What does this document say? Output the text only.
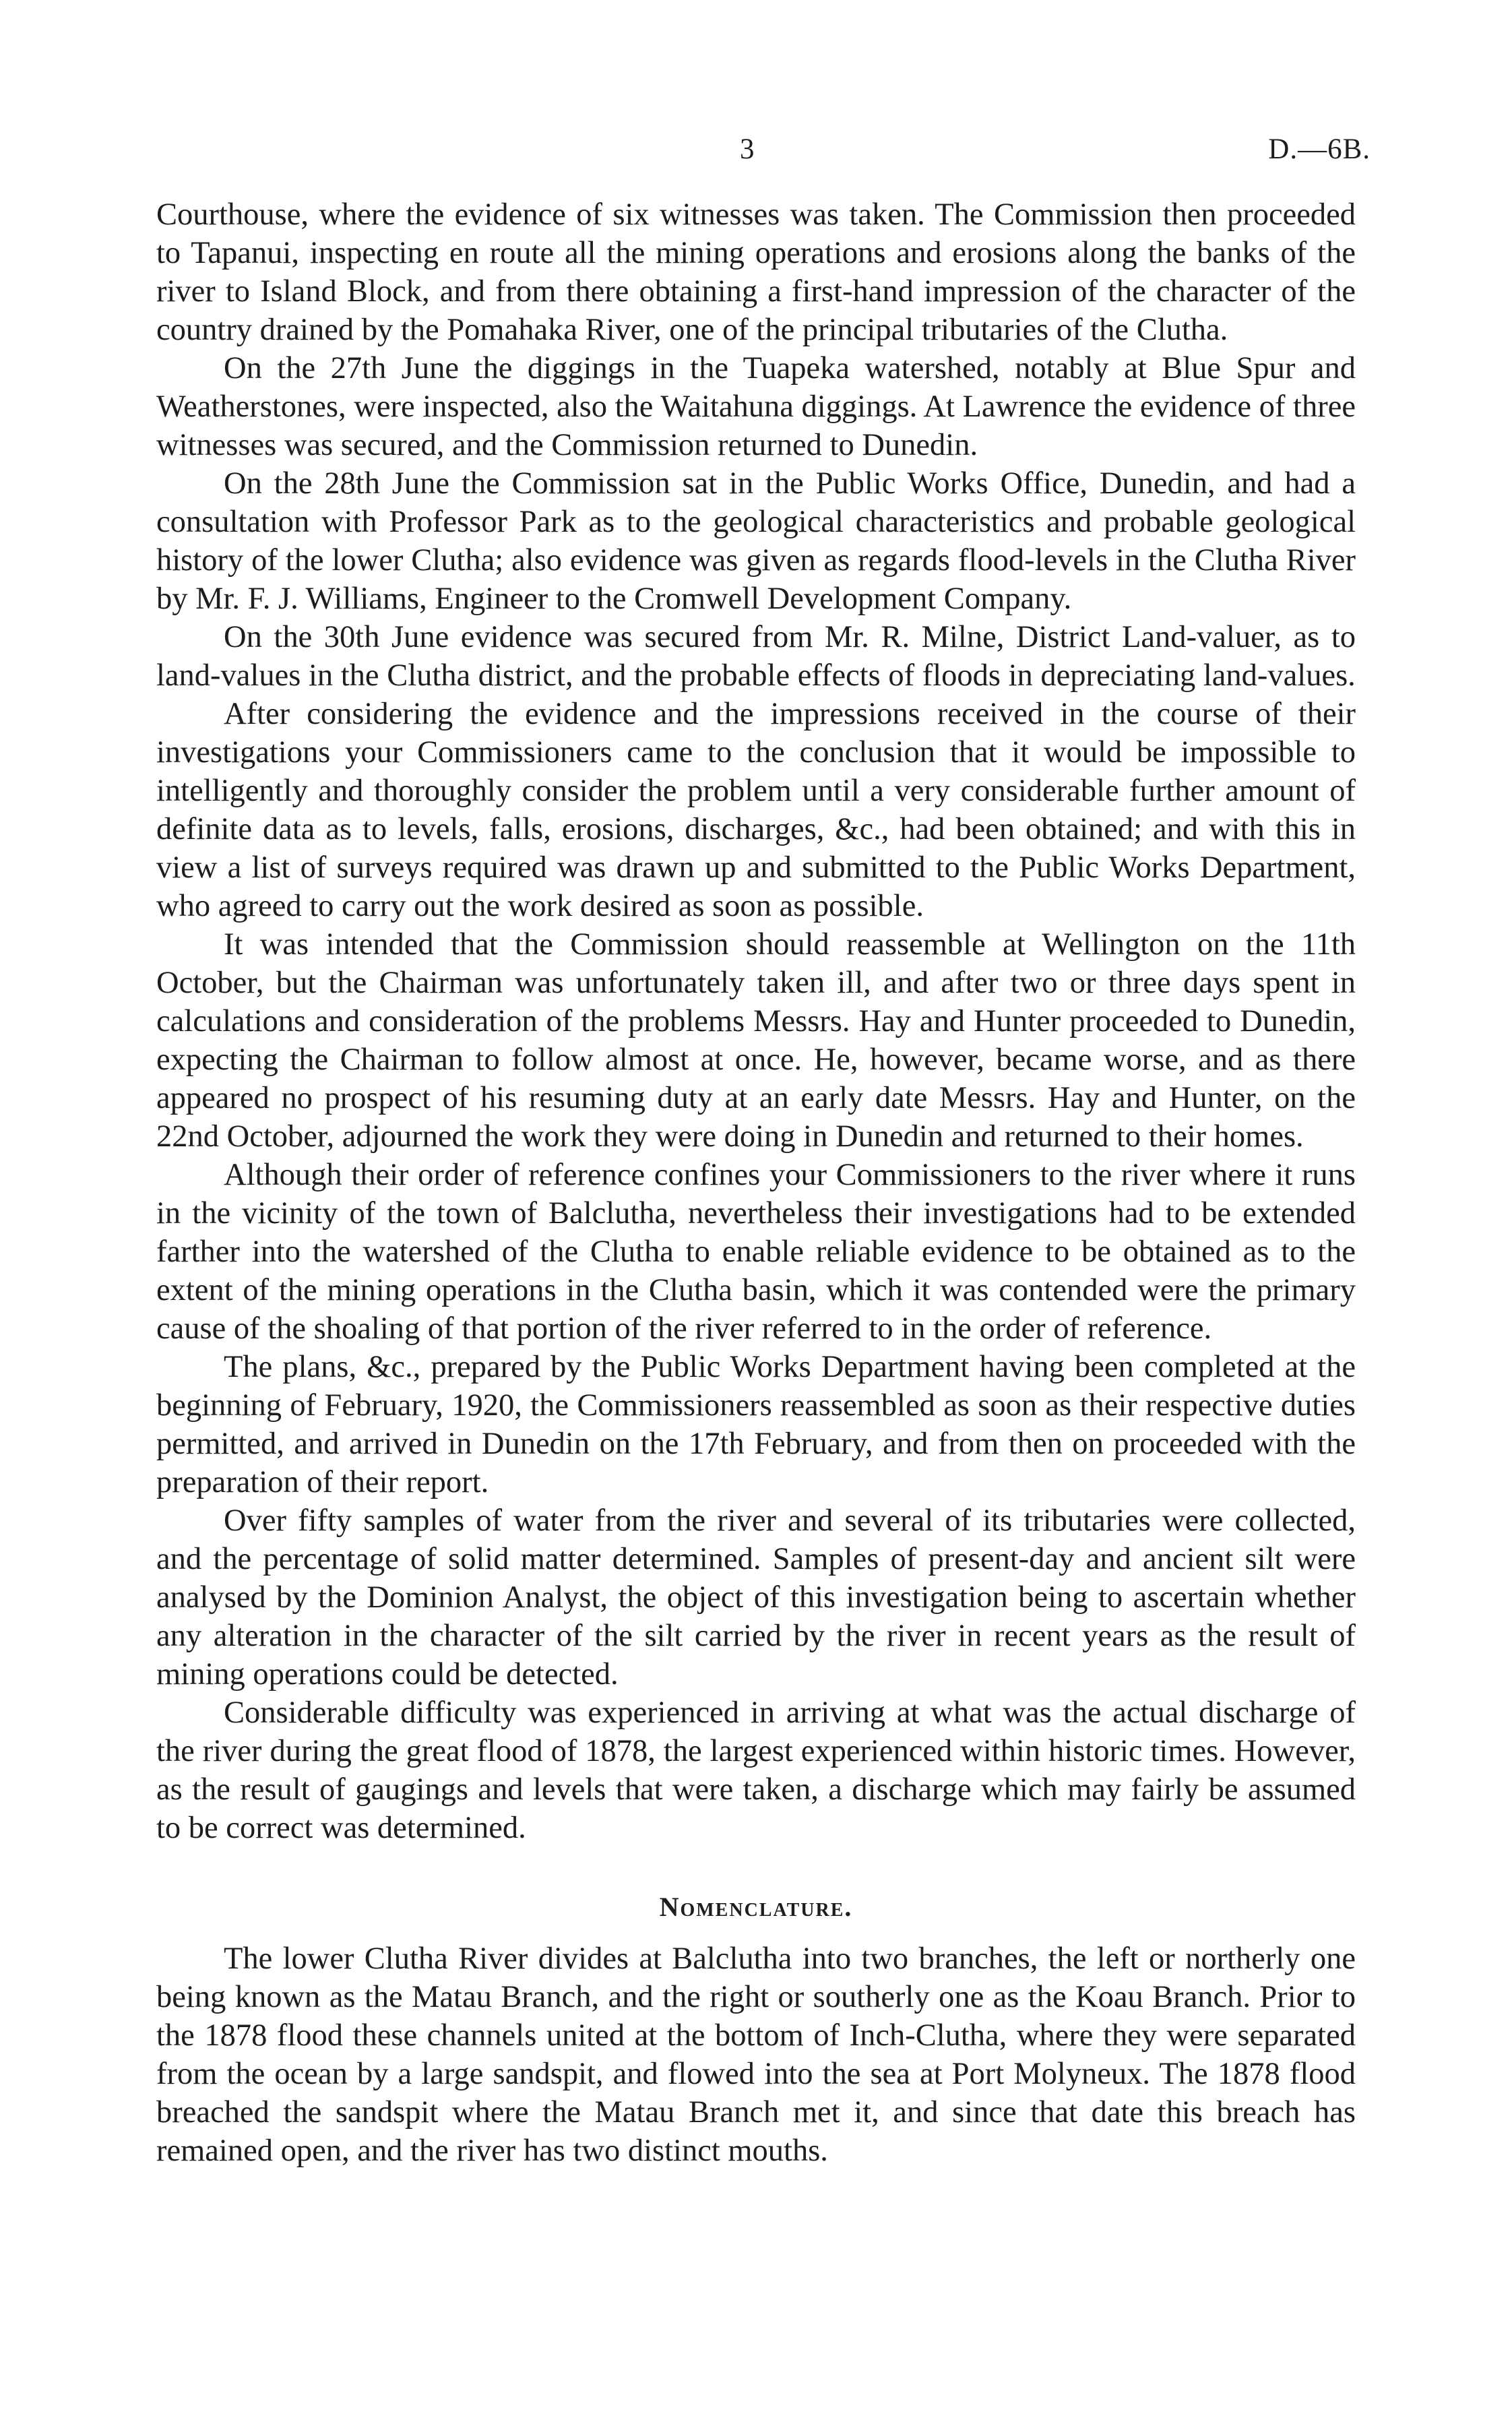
3	D.—6B.

Courthouse, where the evidence of six witnesses was taken. The Commission then proceeded to Tapanui, inspecting en route all the mining operations and erosions along the banks of the river to Island Block, and from there obtaining a first-hand impression of the character of the country drained by the Pomahaka River, one of the principal tributaries of the Clutha.

On the 27th June the diggings in the Tuapeka watershed, notably at Blue Spur and Weatherstones, were inspected, also the Waitahuna diggings. At Lawrence the evidence of three witnesses was secured, and the Commission returned to Dunedin.

On the 28th June the Commission sat in the Public Works Office, Dunedin, and had a consultation with Professor Park as to the geological characteristics and probable geological history of the lower Clutha; also evidence was given as regards flood-levels in the Clutha River by Mr. F. J. Williams, Engineer to the Cromwell Development Company.

On the 30th June evidence was secured from Mr. R. Milne, District Land-valuer, as to land-values in the Clutha district, and the probable effects of floods in depreciating land-values.

After considering the evidence and the impressions received in the course of their investigations your Commissioners came to the conclusion that it would be impossible to intelligently and thoroughly consider the problem until a very considerable further amount of definite data as to levels, falls, erosions, discharges, &c., had been obtained; and with this in view a list of surveys required was drawn up and submitted to the Public Works Department, who agreed to carry out the work desired as soon as possible.

It was intended that the Commission should reassemble at Wellington on the 11th October, but the Chairman was unfortunately taken ill, and after two or three days spent in calculations and consideration of the problems Messrs. Hay and Hunter proceeded to Dunedin, expecting the Chairman to follow almost at once. He, however, became worse, and as there appeared no prospect of his resuming duty at an early date Messrs. Hay and Hunter, on the 22nd October, adjourned the work they were doing in Dunedin and returned to their homes.

Although their order of reference confines your Commissioners to the river where it runs in the vicinity of the town of Balclutha, nevertheless their investigations had to be extended farther into the watershed of the Clutha to enable reliable evidence to be obtained as to the extent of the mining operations in the Clutha basin, which it was contended were the primary cause of the shoaling of that portion of the river referred to in the order of reference.

The plans, &c., prepared by the Public Works Department having been completed at the beginning of February, 1920, the Commissioners reassembled as soon as their respective duties permitted, and arrived in Dunedin on the 17th February, and from then on proceeded with the preparation of their report.

Over fifty samples of water from the river and several of its tributaries were collected, and the percentage of solid matter determined. Samples of present-day and ancient silt were analysed by the Dominion Analyst, the object of this investigation being to ascertain whether any alteration in the character of the silt carried by the river in recent years as the result of mining operations could be detected.

Considerable difficulty was experienced in arriving at what was the actual discharge of the river during the great flood of 1878, the largest experienced within historic times. However, as the result of gaugings and levels that were taken, a discharge which may fairly be assumed to be correct was determined.

Nomenclature.

The lower Clutha River divides at Balclutha into two branches, the left or northerly one being known as the Matau Branch, and the right or southerly one as the Koau Branch. Prior to the 1878 flood these channels united at the bottom of Inch-Clutha, where they were separated from the ocean by a large sandspit, and flowed into the sea at Port Molyneux. The 1878 flood breached the sandspit where the Matau Branch met it, and since that date this breach has remained open, and the river has two distinct mouths.
